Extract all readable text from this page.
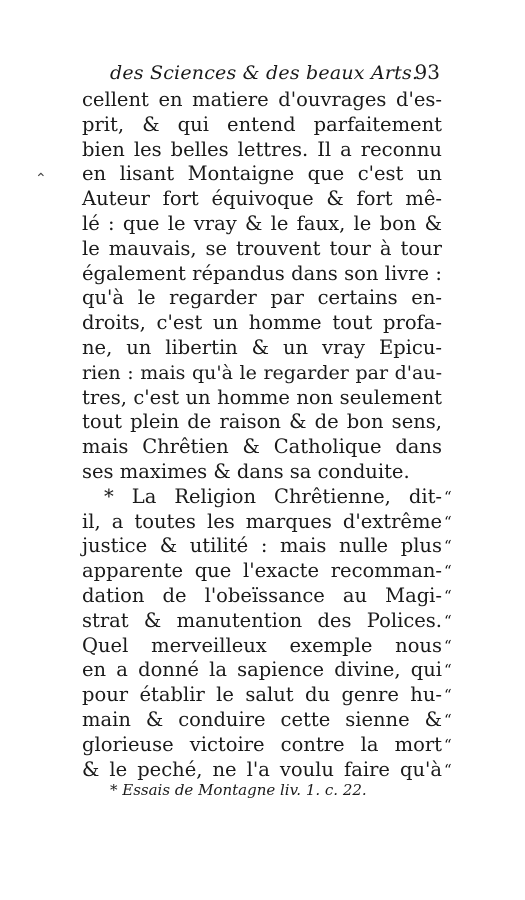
des Sciences & des beaux Arts.
93
⌃
cellent en matiere d'ouvrages d'es-
prit, & qui entend parfaitement
bien les belles lettres. Il a reconnu
en lisant Montaigne que c'est un
Auteur fort équivoque & fort mê-
lé : que le vray & le faux, le bon &
le mauvais, se trouvent tour à tour
également répandus dans son livre :
qu'à le regarder par certains en-
droits, c'est un homme tout profa-
ne, un libertin & un vray Epicu-
rien : mais qu'à le regarder par d'au-
tres, c'est un homme non seulement
tout plein de raison & de bon sens,
mais Chrêtien & Catholique dans
ses maximes & dans sa conduite.
* La Religion Chrêtienne, dit- “
il, a toutes les marques d'extrême “
justice & utilité : mais nulle plus “
apparente que l'exacte recomman- “
dation de l'obeïssance au Magi- “
strat & manutention des Polices. “
Quel merveilleux exemple nous “
en a donné la sapience divine, qui “
pour établir le salut du genre hu- “
main & conduire cette sienne & “
glorieuse victoire contre la mort “
& le peché, ne l'a voulu faire qu'à “
* Essais de Montagne liv. 1. c. 22.
